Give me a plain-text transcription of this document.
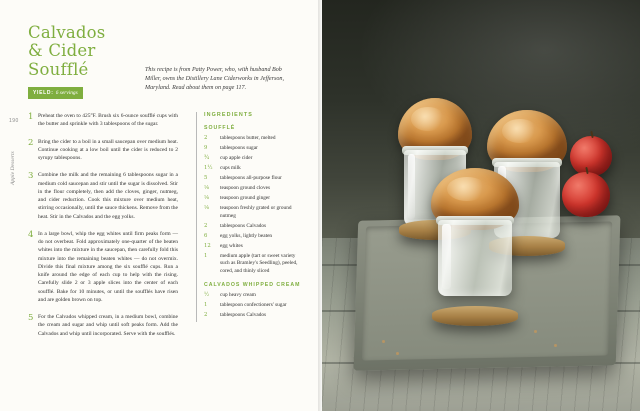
Calvados
& Cider
Soufflé
YIELD: 6 servings
This recipe is from Patty Power, who, with husband Bob Miller, owns the Distillery Lane Ciderworks in Jefferson, Maryland. Read about them on page 117.
190
Apple Desserts
1 Preheat the oven to 425°F. Brush six 6-ounce soufflé cups with the butter and sprinkle with 3 tablespoons of the sugar.
2 Bring the cider to a boil in a small saucepan over medium heat. Continue cooking at a low boil until the cider is reduced to 2 syrupy tablespoons.
3 Combine the milk and the remaining 6 tablespoons sugar in a medium cold saucepan and stir until the sugar is dissolved. Stir in the flour completely, then add the cloves, ginger, nutmeg, and cider reduction. Cook this mixture over medium heat, stirring occasionally, until the sauce thickens. Remove from the heat. Stir in the Calvados and the egg yolks.
4 In a large bowl, whip the egg whites until firm peaks form — do not overbeat. Fold approximately one-quarter of the beaten whites into the mixture in the saucepan, then carefully fold this mixture into the remaining beaten whites — do not overmix. Divide this final mixture among the six soufflé cups. Run a knife around the edge of each cup to help with the rising. Carefully slide 2 or 3 apple slices into the center of each soufflé. Bake for 10 minutes, or until the soufflés have risen and are golden brown on top.
5 For the Calvados whipped cream, in a medium bowl, combine the cream and sugar and whip until soft peaks form. Add the Calvados and whip until incorporated. Serve with the soufflés.
INGREDIENTS
SOUFFLÉ
2	tablespoons butter, melted
9	tablespoons sugar
¾	cup apple cider
1½	cups milk
5	tablespoons all-purpose flour
⅛	teaspoon ground cloves
⅛	teaspoon ground ginger
⅛	teaspoon freshly grated or ground nutmeg
2	tablespoons Calvados
6	egg yolks, lightly beaten
12	egg whites
1	medium apple (tart or sweet variety such as Bramley's Seedling), peeled, cored, and thinly sliced
CALVADOS WHIPPED CREAM
½	cup heavy cream
1	tablespoon confectioners' sugar
2	tablespoons Calvados
